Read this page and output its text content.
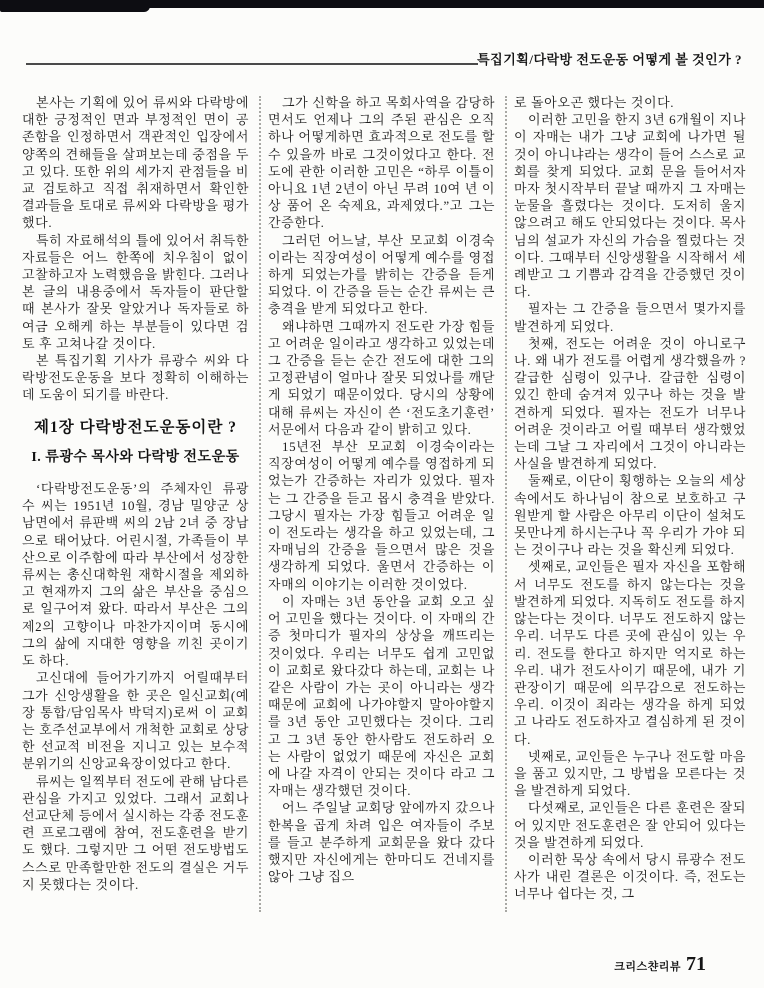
특집기획/다락방 전도운동 어떻게 볼 것인가 ?

본사는 기획에 있어 류씨와 다락방에 대한 긍정적인 면과 부정적인 면이 공존함을 인정하면서 객관적인 입장에서 양쪽의 견해들을 살펴보는데 중점을 두고 있다. 또한 위의 세가지 관점들을 비교 검토하고 직접 취재하면서 확인한 결과들을 토대로 류씨와 다락방을 평가했다.

특히 자료해석의 틀에 있어서 취득한 자료들은 어느 한쪽에 치우침이 없이 고찰하고자 노력했음을 밝힌다. 그러나 본 글의 내용중에서 독자들이 판단할 때 본사가 잘못 알았거나 독자들로 하여금 오해케 하는 부분들이 있다면 검토 후 고쳐나갈 것이다.

본 특집기획 기사가 류광수 씨와 다락방전도운동을 보다 정확히 이해하는데 도움이 되기를 바란다.

제1장 다락방전도운동이란 ?
I. 류광수 목사와 다락방 전도운동

‘다락방전도운동’의 주체자인 류광수 씨는 1951년 10월, 경남 밀양군 상남면에서 류판백 씨의 2남 2녀 중 장남으로 태어났다. 어린시절, 가족들이 부산으로 이주함에 따라 부산에서 성장한 류씨는 총신대학원 재학시절을 제외하고 현재까지 그의 삶은 부산을 중심으로 일구어져 왔다. 따라서 부산은 그의 제2의 고향이나 마찬가지이며 동시에 그의 삶에 지대한 영향을 끼친 곳이기도 하다.

고신대에 들어가기까지 어릴때부터 그가 신앙생활을 한 곳은 일신교회(예장 통합/담임목사 박덕지)로써 이 교회는 호주선교부에서 개척한 교회로 상당한 선교적 비전을 지니고 있는 보수적 분위기의 신앙교육장이었다고 한다.

류씨는 일찍부터 전도에 관해 남다른 관심을 가지고 있었다. 그래서 교회나 선교단체 등에서 실시하는 각종 전도훈련 프로그램에 참여, 전도훈련을 받기도 했다. 그렇지만 그 어떤 전도방법도 스스로 만족할만한 전도의 결실은 거두지 못했다는 것이다.

그가 신학을 하고 목회사역을 감당하면서도 언제나 그의 주된 관심은 오직 하나 어떻게하면 효과적으로 전도를 할 수 있을까 바로 그것이었다고 한다. 전도에 관한 이러한 고민은 “하루 이틀이 아니요 1년 2년이 아닌 무려 10여 년 이상 품어 온 숙제요, 과제였다.”고 그는 간증한다.

그러던 어느날, 부산 모교회 이경숙이라는 직장여성이 어떻게 예수를 영접하게 되었는가를 밝히는 간증을 듣게 되었다. 이 간증을 듣는 순간 류씨는 큰 충격을 받게 되었다고 한다.

왜냐하면 그때까지 전도란 가장 힘들고 어려운 일이라고 생각하고 있었는데 그 간증을 듣는 순간 전도에 대한 그의 고정관념이 얼마나 잘못 되었나를 깨닫게 되었기 때문이었다. 당시의 상황에 대해 류씨는 자신이 쓴 ‘전도초기훈련’ 서문에서 다음과 같이 밝히고 있다.

15년전 부산 모교회 이경숙이라는 직장여성이 어떻게 예수를 영접하게 되었는가 간증하는 자리가 있었다. 필자는 그 간증을 듣고 몹시 충격을 받았다. 그당시 필자는 가장 힘들고 어려운 일이 전도라는 생각을 하고 있었는데, 그 자매님의 간증을 들으면서 많은 것을 생각하게 되었다. 울면서 간증하는 이 자매의 이야기는 이러한 것이었다.

이 자매는 3년 동안을 교회 오고 싶어 고민을 했다는 것이다. 이 자매의 간증 첫마디가 필자의 상상을 깨뜨리는 것이었다. 우리는 너무도 쉽게 고민없이 교회로 왔다갔다 하는데, 교회는 나같은 사람이 가는 곳이 아니라는 생각 때문에 교회에 나가야할지 말아야할지를 3년 동안 고민했다는 것이다. 그리고 그 3년 동안 한사람도 전도하러 오는 사람이 없었기 때문에 자신은 교회에 나갈 자격이 안되는 것이다 라고 그 자매는 생각했던 것이다.

어느 주일날 교회당 앞에까지 갔으나 한복을 곱게 차려 입은 여자들이 주보를 들고 분주하게 교회문을 왔다 갔다 했지만 자신에게는 한마디도 건네지를 않아 그냥 집으

로 돌아오곤 했다는 것이다.

이러한 고민을 한지 3년 6개월이 지나 이 자매는 내가 그냥 교회에 나가면 될 것이 아니냐라는 생각이 들어 스스로 교회를 찾게 되었다. 교회 문을 들어서자마자 첫시작부터 끝날 때까지 그 자매는 눈물을 흘렸다는 것이다. 도저히 울지 않으려고 해도 안되었다는 것이다. 목사님의 설교가 자신의 가슴을 찔렀다는 것이다. 그때부터 신앙생활을 시작해서 세례받고 그 기쁨과 감격을 간증했던 것이다.

필자는 그 간증을 들으면서 몇가지를 발견하게 되었다.

첫째, 전도는 어려운 것이 아니로구나. 왜 내가 전도를 어렵게 생각했을까 ? 갈급한 심령이 있구나. 갈급한 심령이 있긴 한데 숨겨져 있구나 하는 것을 발견하게 되었다. 필자는 전도가 너무나 어려운 것이라고 어릴 때부터 생각했었는데 그날 그 자리에서 그것이 아니라는 사실을 발견하게 되었다.

둘째로, 이단이 횡행하는 오늘의 세상 속에서도 하나님이 참으로 보호하고 구원받게 할 사람은 아무리 이단이 설쳐도 못만나게 하시는구나 꼭 우리가 가야 되는 것이구나 라는 것을 확신케 되었다.

셋째로, 교인들은 필자 자신을 포함해서 너무도 전도를 하지 않는다는 것을 발견하게 되었다. 지독히도 전도를 하지 않는다는 것이다. 너무도 전도하지 않는 우리. 너무도 다른 곳에 관심이 있는 우리. 전도를 한다고 하지만 억지로 하는 우리. 내가 전도사이기 때문에, 내가 기관장이기 때문에 의무감으로 전도하는 우리. 이것이 죄라는 생각을 하게 되었고 나라도 전도하자고 결심하게 된 것이다.

넷째로, 교인들은 누구나 전도할 마음을 품고 있지만, 그 방법을 모른다는 것을 발견하게 되었다.

다섯째로, 교인들은 다른 훈련은 잘되어 있지만 전도훈련은 잘 안되어 있다는 것을 발견하게 되었다.

이러한 묵상 속에서 당시 류광수 전도사가 내린 결론은 이것이다. 즉, 전도는 너무나 쉽다는 것, 그

크리스챤리뷰 71
